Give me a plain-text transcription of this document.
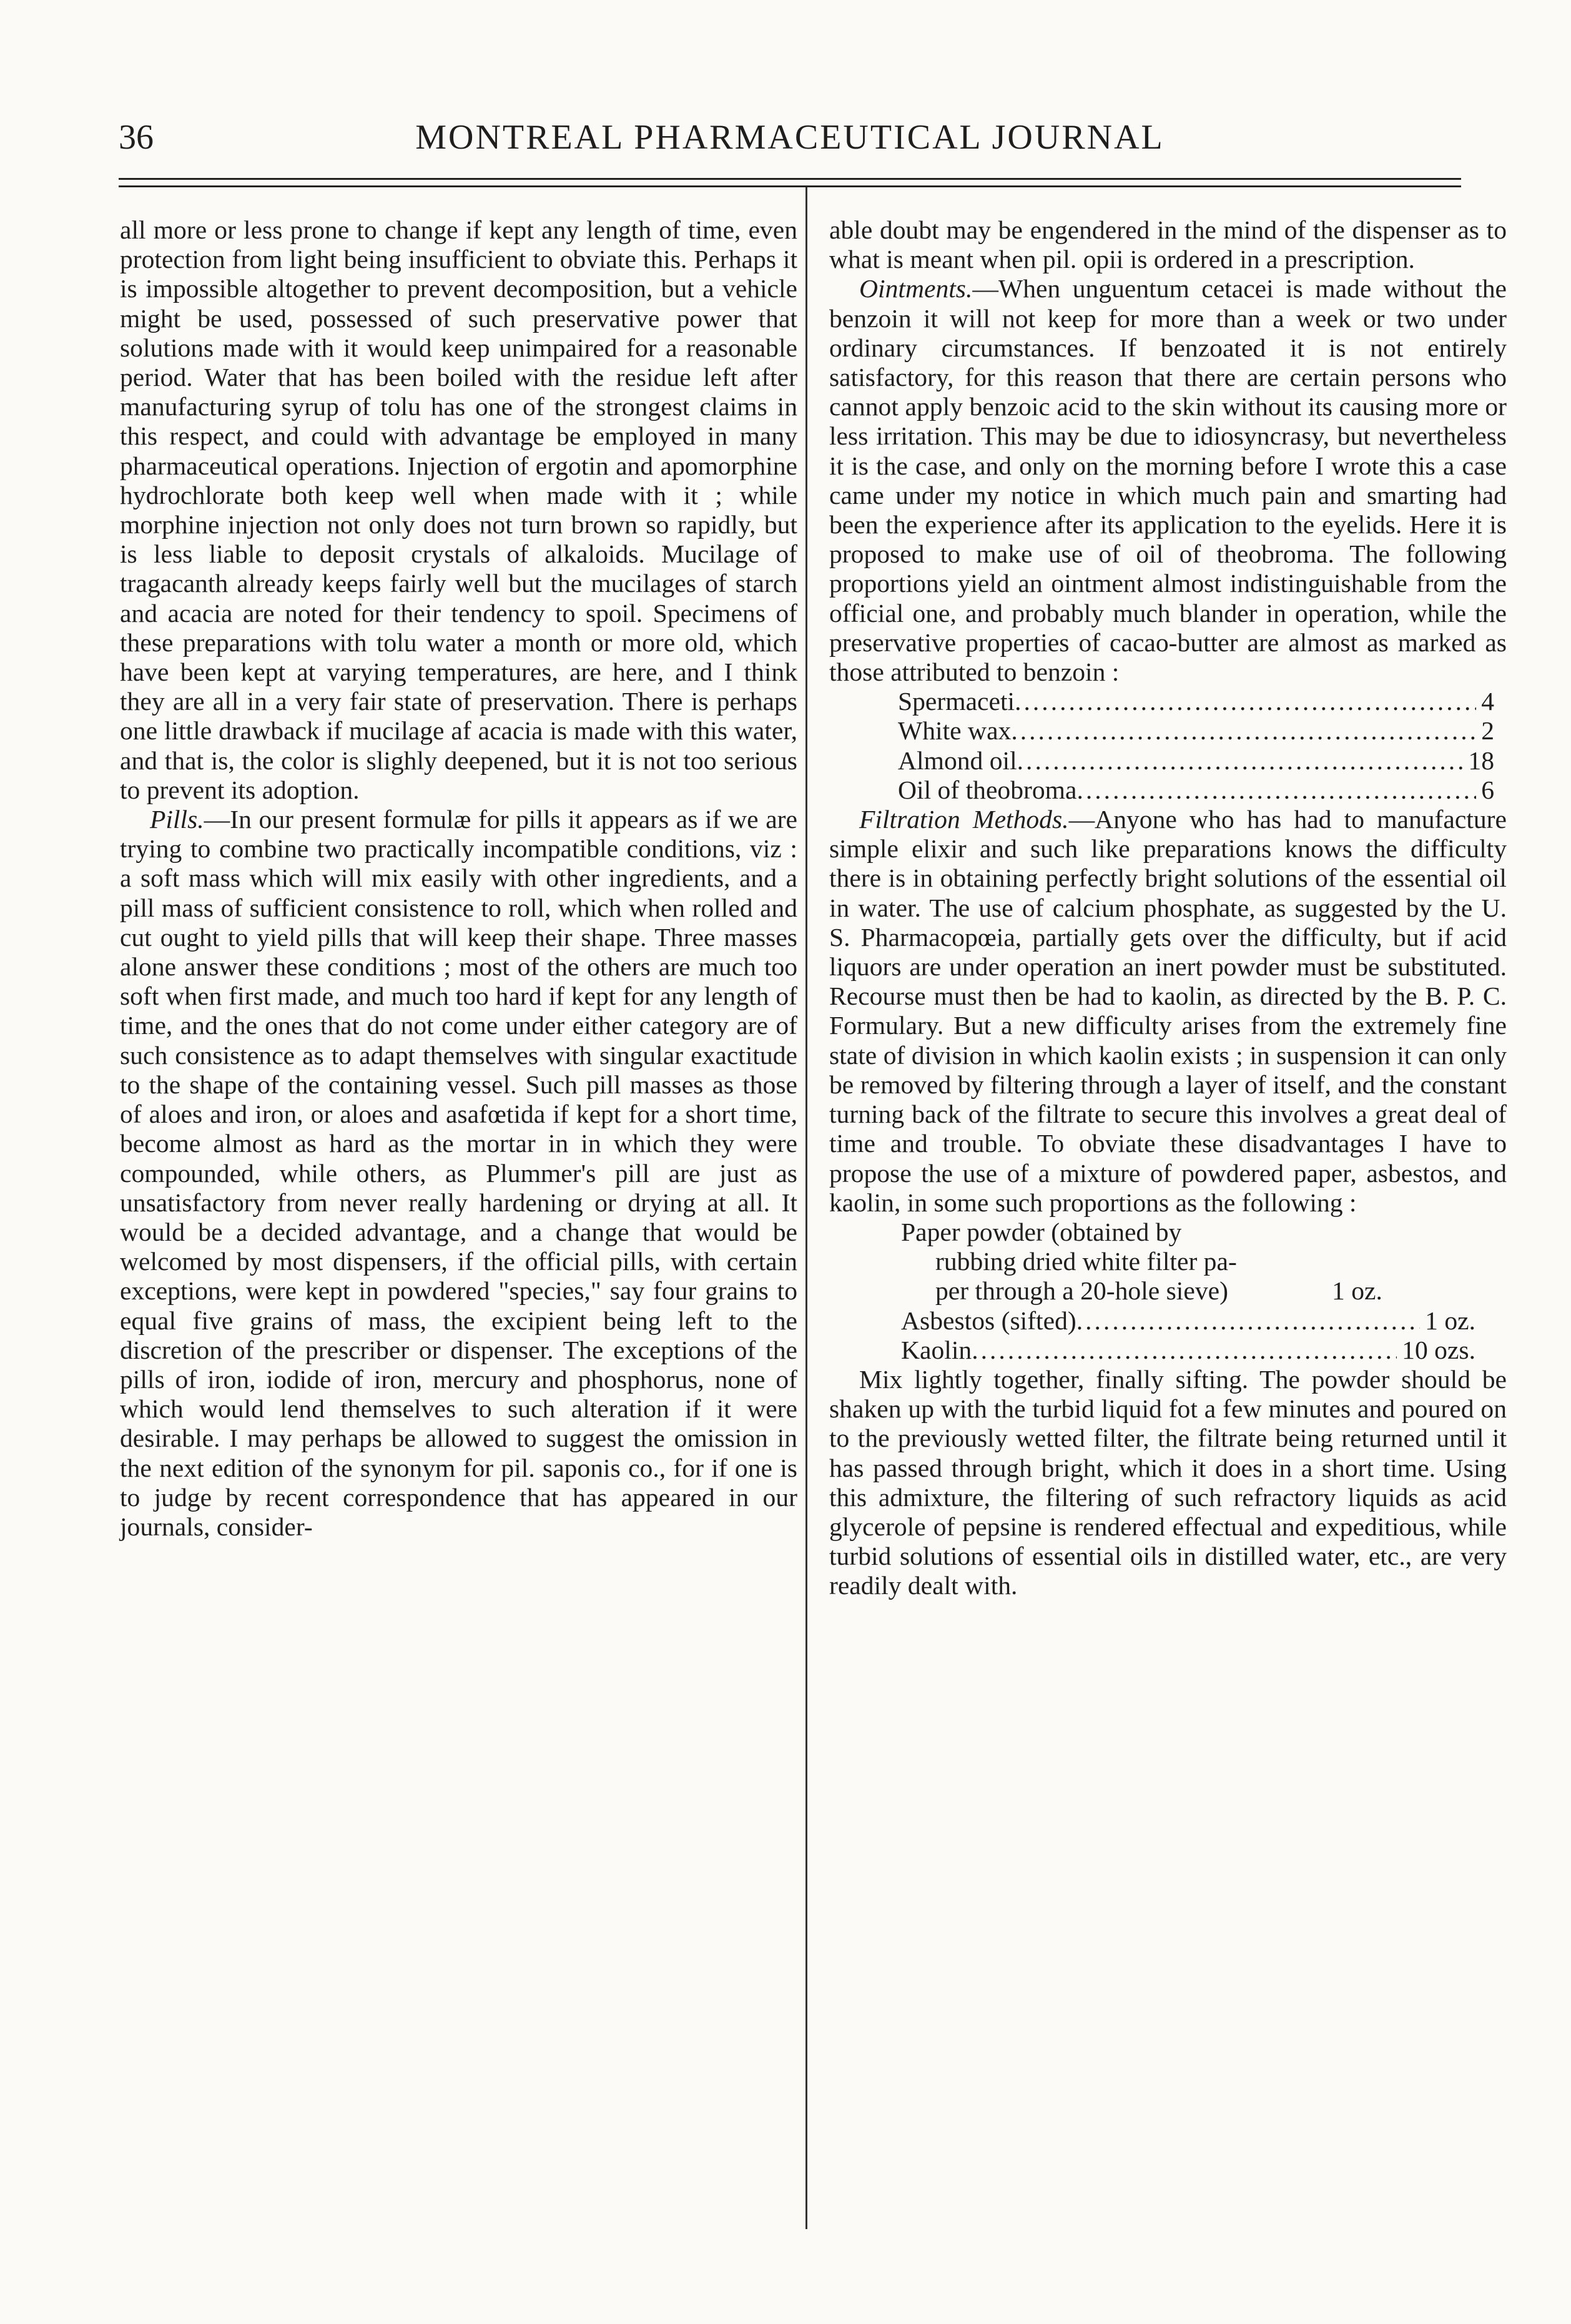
36	MONTREAL PHARMACEUTICAL JOURNAL

all more or less prone to change if kept any length of time, even protection from light being insufficient to obviate this. Perhaps it is impossible altogether to prevent decomposition, but a vehicle might be used, possessed of such preservative power that solutions made with it would keep unimpaired for a reasonable period. Water that has been boiled with the residue left after manufacturing syrup of tolu has one of the strongest claims in this respect, and could with advantage be employed in many pharmaceutical operations. Injection of ergotin and apomorphine hydrochlorate both keep well when made with it ; while morphine injection not only does not turn brown so rapidly, but is less liable to deposit crystals of alkaloids. Mucilage of tragacanth already keeps fairly well but the mucilages of starch and acacia are noted for their tendency to spoil. Specimens of these preparations with tolu water a month or more old, which have been kept at varying temperatures, are here, and I think they are all in a very fair state of preservation. There is perhaps one little drawback if mucilage af acacia is made with this water, and that is, the color is slighly deepened, but it is not too serious to prevent its adoption.

Pills.—In our present formulæ for pills it appears as if we are trying to combine two practically incompatible conditions, viz : a soft mass which will mix easily with other ingredients, and a pill mass of sufficient consistence to roll, which when rolled and cut ought to yield pills that will keep their shape. Three masses alone answer these conditions ; most of the others are much too soft when first made, and much too hard if kept for any length of time, and the ones that do not come under either category are of such consistence as to adapt themselves with singular exactitude to the shape of the containing vessel. Such pill masses as those of aloes and iron, or aloes and asafœtida if kept for a short time, become almost as hard as the mortar in in which they were compounded, while others, as Plummer's pill are just as unsatisfactory from never really hardening or drying at all. It would be a decided advantage, and a change that would be welcomed by most dispensers, if the official pills, with certain exceptions, were kept in powdered "species," say four grains to equal five grains of mass, the excipient being left to the discretion of the prescriber or dispenser. The exceptions of the pills of iron, iodide of iron, mercury and phosphorus, none of which would lend themselves to such alteration if it were desirable. I may perhaps be allowed to suggest the omission in the next edition of the synonym for pil. saponis co., for if one is to judge by recent correspondence that has appeared in our journals, consider-

able doubt may be engendered in the mind of the dispenser as to what is meant when pil. opii is ordered in a prescription.

Ointments.—When unguentum cetacei is made without the benzoin it will not keep for more than a week or two under ordinary circumstances. If benzoated it is not entirely satisfactory, for this reason that there are certain persons who cannot apply benzoic acid to the skin without its causing more or less irritation. This may be due to idiosyncrasy, but nevertheless it is the case, and only on the morning before I wrote this a case came under my notice in which much pain and smarting had been the experience after its application to the eyelids. Here it is proposed to make use of oil of theobroma. The following proportions yield an ointment almost indistinguishable from the official one, and probably much blander in operation, while the preservative properties of cacao-butter are almost as marked as those attributed to benzoin :

Spermaceti .....	4
White wax .....	2
Almond oil .....	18
Oil of theobroma .....	6

Filtration Methods.—Anyone who has had to manufacture simple elixir and such like preparations knows the difficulty there is in obtaining perfectly bright solutions of the essential oil in water. The use of calcium phosphate, as suggested by the U. S. Pharmacopœia, partially gets over the difficulty, but if acid liquors are under operation an inert powder must be substituted. Recourse must then be had to kaolin, as directed by the B. P. C. Formulary. But a new difficulty arises from the extremely fine state of division in which kaolin exists ; in suspension it can only be removed by filtering through a layer of itself, and the constant turning back of the filtrate to secure this involves a great deal of time and trouble. To obviate these disadvantages I have to propose the use of a mixture of powdered paper, asbestos, and kaolin, in some such proportions as the following :

Paper powder (obtained by
rubbing dried white filter pa-
per through a 20-hole sieve)	1 oz.
Asbestos (sifted) .....	1 oz.
Kaolin .....	10 ozs.

Mix lightly together, finally sifting. The powder should be shaken up with the turbid liquid fot a few minutes and poured on to the previously wetted filter, the filtrate being returned until it has passed through bright, which it does in a short time. Using this admixture, the filtering of such refractory liquids as acid glycerole of pepsine is rendered effectual and expeditious, while turbid solutions of essential oils in distilled water, etc., are very readily dealt with.
